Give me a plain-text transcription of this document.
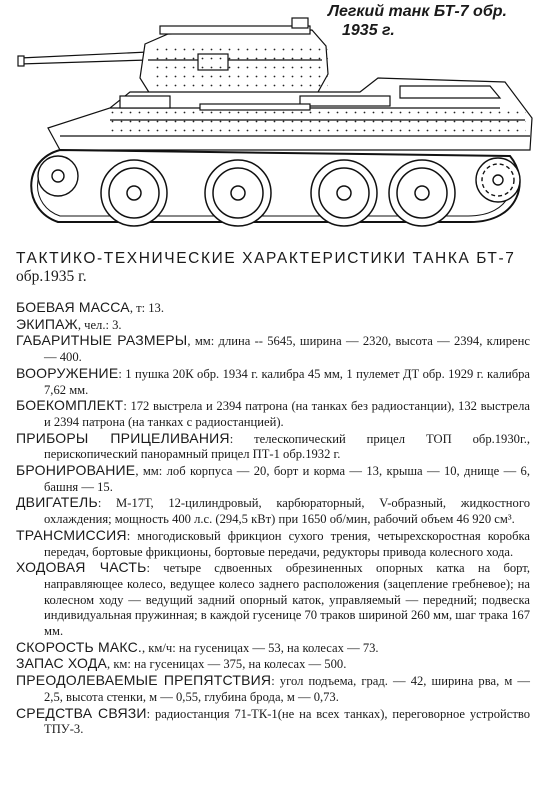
Легкий танк БТ-7 обр.
1935 г.
ТАКТИКО-ТЕХНИЧЕСКИЕ ХАРАКТЕРИСТИКИ ТАНКА БТ-7
обр.1935 г.
БОЕВАЯ МАССА, т: 13.
ЭКИПАЖ, чел.: 3.
ГАБАРИТНЫЕ РАЗМЕРЫ, мм: длина -- 5645, ширина — 2320, высота — 2394, клиренс — 400.
ВООРУЖЕНИЕ: 1 пушка 20К обр. 1934 г. калибра 45 мм, 1 пулемет ДТ обр. 1929 г. калибра 7,62 мм.
БОЕКОМПЛЕКТ: 172 выстрела и 2394 патрона (на танках без радиостанции), 132 выстрела и 2394 патрона (на танках с радиостанцией).
ПРИБОРЫ ПРИЦЕЛИВАНИЯ: телескопический прицел ТОП обр.1930г., перископический панорамный прицел ПТ-1 обр.1932 г.
БРОНИРОВАНИЕ, мм: лоб корпуса — 20, борт и корма — 13, крыша — 10, днище — 6, башня — 15.
ДВИГАТЕЛЬ: М-17Т, 12-цилиндровый, карбюраторный, V-образный, жидкостного охлаждения; мощность 400 л.с. (294,5 кВт) при 1650 об/мин, рабочий объем 46 920 см³.
ТРАНСМИССИЯ: многодисковый фрикцион сухого трения, четырехскоростная коробка передач, бортовые фрикционы, бортовые передачи, редукторы привода колесного хода.
ХОДОВАЯ ЧАСТЬ: четыре сдвоенных обрезиненных опорных катка на борт, направляющее колесо, ведущее колесо заднего расположения (зацепление гребневое); на колесном ходу — ведущий задний опорный каток, управляемый — передний; подвеска индивидуальная пружинная; в каждой гусенице 70 траков шириной 260 мм, шаг трака 167 мм.
СКОРОСТЬ МАКС., км/ч: на гусеницах — 53, на колесах — 73.
ЗАПАС ХОДА, км: на гусеницах — 375, на колесах — 500.
ПРЕОДОЛЕВАЕМЫЕ ПРЕПЯТСТВИЯ: угол подъема, град. — 42, ширина рва, м — 2,5, высота стенки, м — 0,55, глубина брода, м — 0,73.
СРЕДСТВА СВЯЗИ: радиостанция 71-ТК-1(не на всех танках), переговорное устройство ТПУ-3.
